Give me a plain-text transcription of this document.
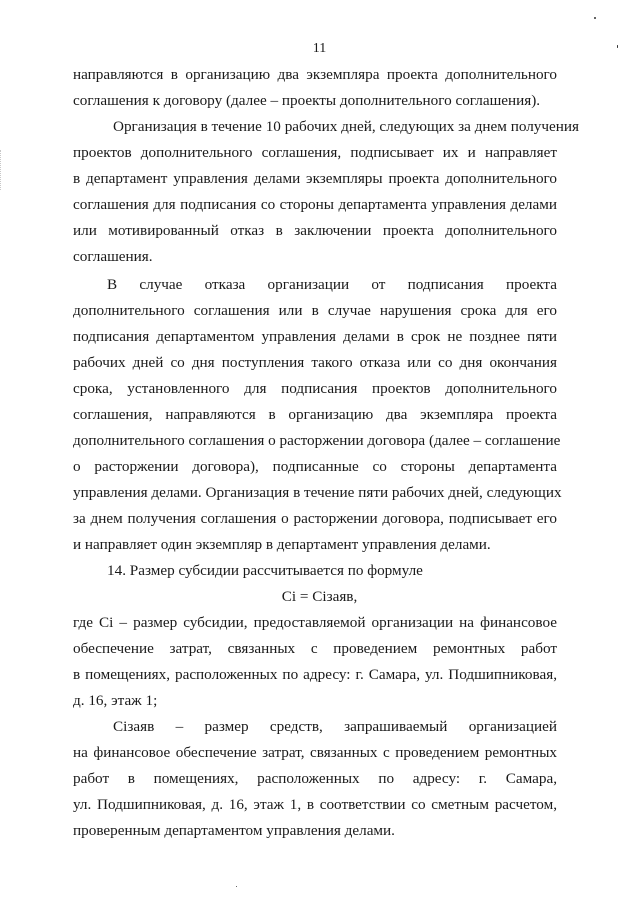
11
направляются в организацию два экземпляра проекта дополнительного
соглашения к договору (далее – проекты дополнительного соглашения).
Организация в течение 10 рабочих дней, следующих за днем получения
проектов дополнительного соглашения, подписывает их и направляет
в департамент управления делами экземпляры проекта дополнительного
соглашения для подписания со стороны департамента управления делами
или мотивированный отказ в заключении проекта дополнительного
соглашения.
В случае отказа организации от подписания проекта
дополнительного соглашения или в случае нарушения срока для его
подписания департаментом управления делами в срок не позднее пяти
рабочих дней со дня поступления такого отказа или со дня окончания
срока, установленного для подписания проектов дополнительного
соглашения, направляются в организацию два экземпляра проекта
дополнительного соглашения о расторжении договора (далее – соглашение
о расторжении договора), подписанные со стороны департамента
управления делами. Организация в течение пяти рабочих дней, следующих
за днем получения соглашения о расторжении договора, подписывает его
и направляет один экземпляр в департамент управления делами.
14. Размер субсидии рассчитывается по формуле
Ci = Ciзаяв,
где Ci – размер субсидии, предоставляемой организации на финансовое
обеспечение затрат, связанных с проведением ремонтных работ
в помещениях, расположенных по адресу: г. Самара, ул. Подшипниковая,
д. 16, этаж 1;
Ciзаяв – размер средств, запрашиваемый организацией
на финансовое обеспечение затрат, связанных с проведением ремонтных
работ в помещениях, расположенных по адресу: г. Самара,
ул. Подшипниковая, д. 16, этаж 1, в соответствии со сметным расчетом,
проверенным департаментом управления делами.
